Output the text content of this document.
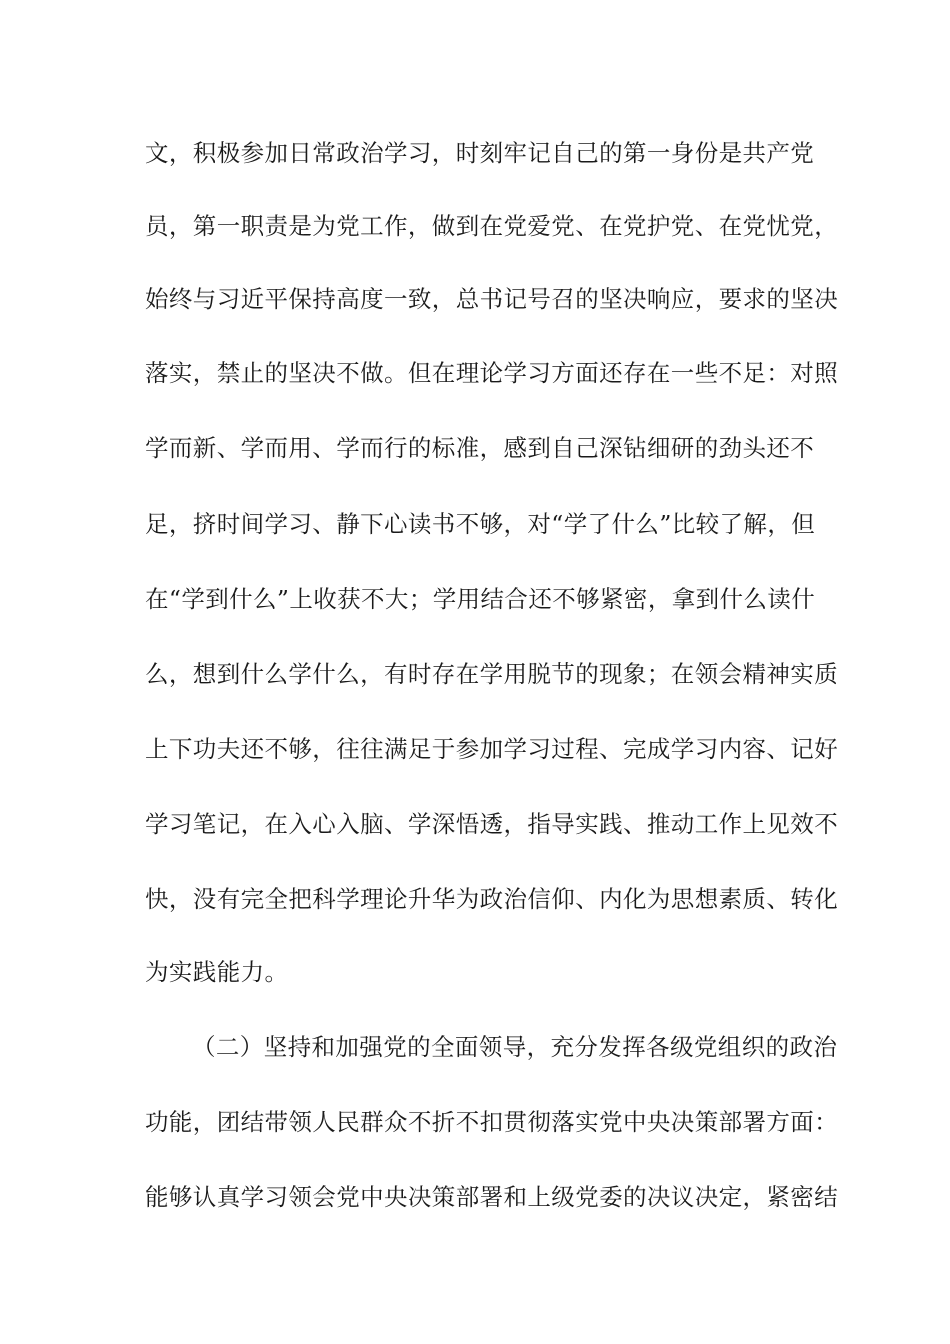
文，积极参加日常政治学习，时刻牢记自己的第一身份是共产党
员，第一职责是为党工作，做到在党爱党、在党护党、在党忧党，
始终与习近平保持高度一致，总书记号召的坚决响应，要求的坚决
落实，禁止的坚决不做。但在理论学习方面还存在一些不足：对照
学而新、学而用、学而行的标准，感到自己深钻细研的劲头还不
足，挤时间学习、静下心读书不够，对“学了什么”比较了解，但
在“学到什么”上收获不大；学用结合还不够紧密，拿到什么读什
么，想到什么学什么，有时存在学用脱节的现象；在领会精神实质
上下功夫还不够，往往满足于参加学习过程、完成学习内容、记好
学习笔记，在入心入脑、学深悟透，指导实践、推动工作上见效不
快，没有完全把科学理论升华为政治信仰、内化为思想素质、转化
为实践能力。
（二）坚持和加强党的全面领导，充分发挥各级党组织的政治
功能，团结带领人民群众不折不扣贯彻落实党中央决策部署方面：
能够认真学习领会党中央决策部署和上级党委的决议决定，紧密结
